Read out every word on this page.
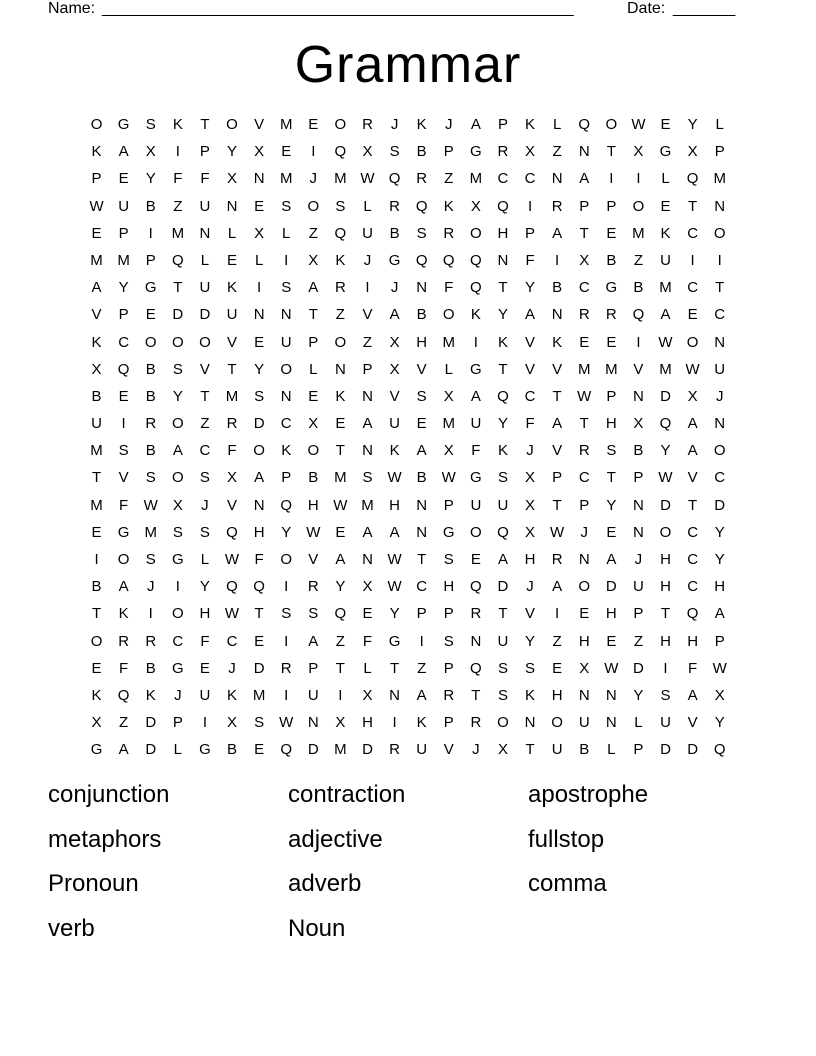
Name: _____________________________________________________	Date: _______
Grammar
O	G	S	K	T	O	V	M	E	O	R	J	K	J	A	P	K	L	Q	O W	E	Y	L
K	A	X	I	P	Y	X	E	I	Q	X	S	B	P	G	R	X	Z	N	T	X	G	X	P
P	E	Y	F	F	X	N	M	J	M W Q	R	Z	M	C	C	N	A	I	I	L	Q	M
W U	B	Z	U	N	E	S	O	S	L	R	Q	K	X	Q	I	R	P	P	O	E	T	N
E	P	I	M	N	L	X	L	Z	Q	U	B	S	R	O	H	P	A	T	E	M	K	C	O
M M	P	Q	L	E	L	I	X	K	J	G	Q	Q	Q	N	F	I	X	B	Z	U	I	I
A	Y	G	T	U	K	I	S	A	R	I	J	N	F	Q	T	Y	B	C	G	B	M	C	T
V	P	E	D	D	U	N	N	T	Z	V	A	B	O	K	Y	A	N	R	R	Q	A	E	C
K	C	O	O	O	V	E	U	P	O	Z	X	H	M	I	K	V	K	E	E	I	W O	N
X	Q	B	S	V	T	Y	O	L	N	P	X	V	L	G	T	V	V	M M	V	M W U
B	E	B	Y	T	M	S	N	E	K	N	V	S	X	A	Q	C	T	W	P	N	D	X	J
U	I	R	O	Z	R	D	C	X	E	A	U	E	M	U	Y	F	A	T	H	X	Q	A	N
M	S	B	A	C	F	O	K	O	T	N	K	A	X	F	K	J	V	R	S	B	Y	A	O
T	V	S	O	S	X	A	P	B	M	S	W	B	W G	S	X	P	C	T	P	W	V	C
M	F	W	X	J	V	N	Q	H W M	H	N	P	U	U	X	T	P	Y	N	D	T	D
E	G	M	S	S	Q	H	Y	W	E	A	A	N	G	O	Q	X	W	J	E	N	O	C	Y
I	O	S	G	L	W	F	O	V	A	N W	T	S	E	A	H	R	N	A	J	H	C	Y
B	A	J	I	Y	Q	Q	I	R	Y	X	W C	H	Q	D	J	A	O	D	U	H	C	H
T	K	I	O	H W	T	S	S	Q	E	Y	P	P	R	T	V	I	E	H	P	T	Q	A
O	R	R	C	F	C	E	I	A	Z	F	G	I	S	N	U	Y	Z	H	E	Z	H	H	P
E	F	B	G	E	J	D	R	P	T	L	T	Z	P	Q	S	S	E	X	W D	I	F	W
K	Q	K	J	U	K	M	I	U	I	X	N	A	R	T	S	K	H	N	N	Y	S	A	X
X	Z	D	P	I	X	S	W N	X	H	I	K	P	R	O	N	O	U	N	L	U	V	Y
G	A	D	L	G	B	E	Q	D	M	D	R	U	V	J	X	T	U	B	L	P	D	D	Q
conjunction	contraction	apostrophe
metaphors	adjective	fullstop
Pronoun	adverb	comma
verb	Noun
